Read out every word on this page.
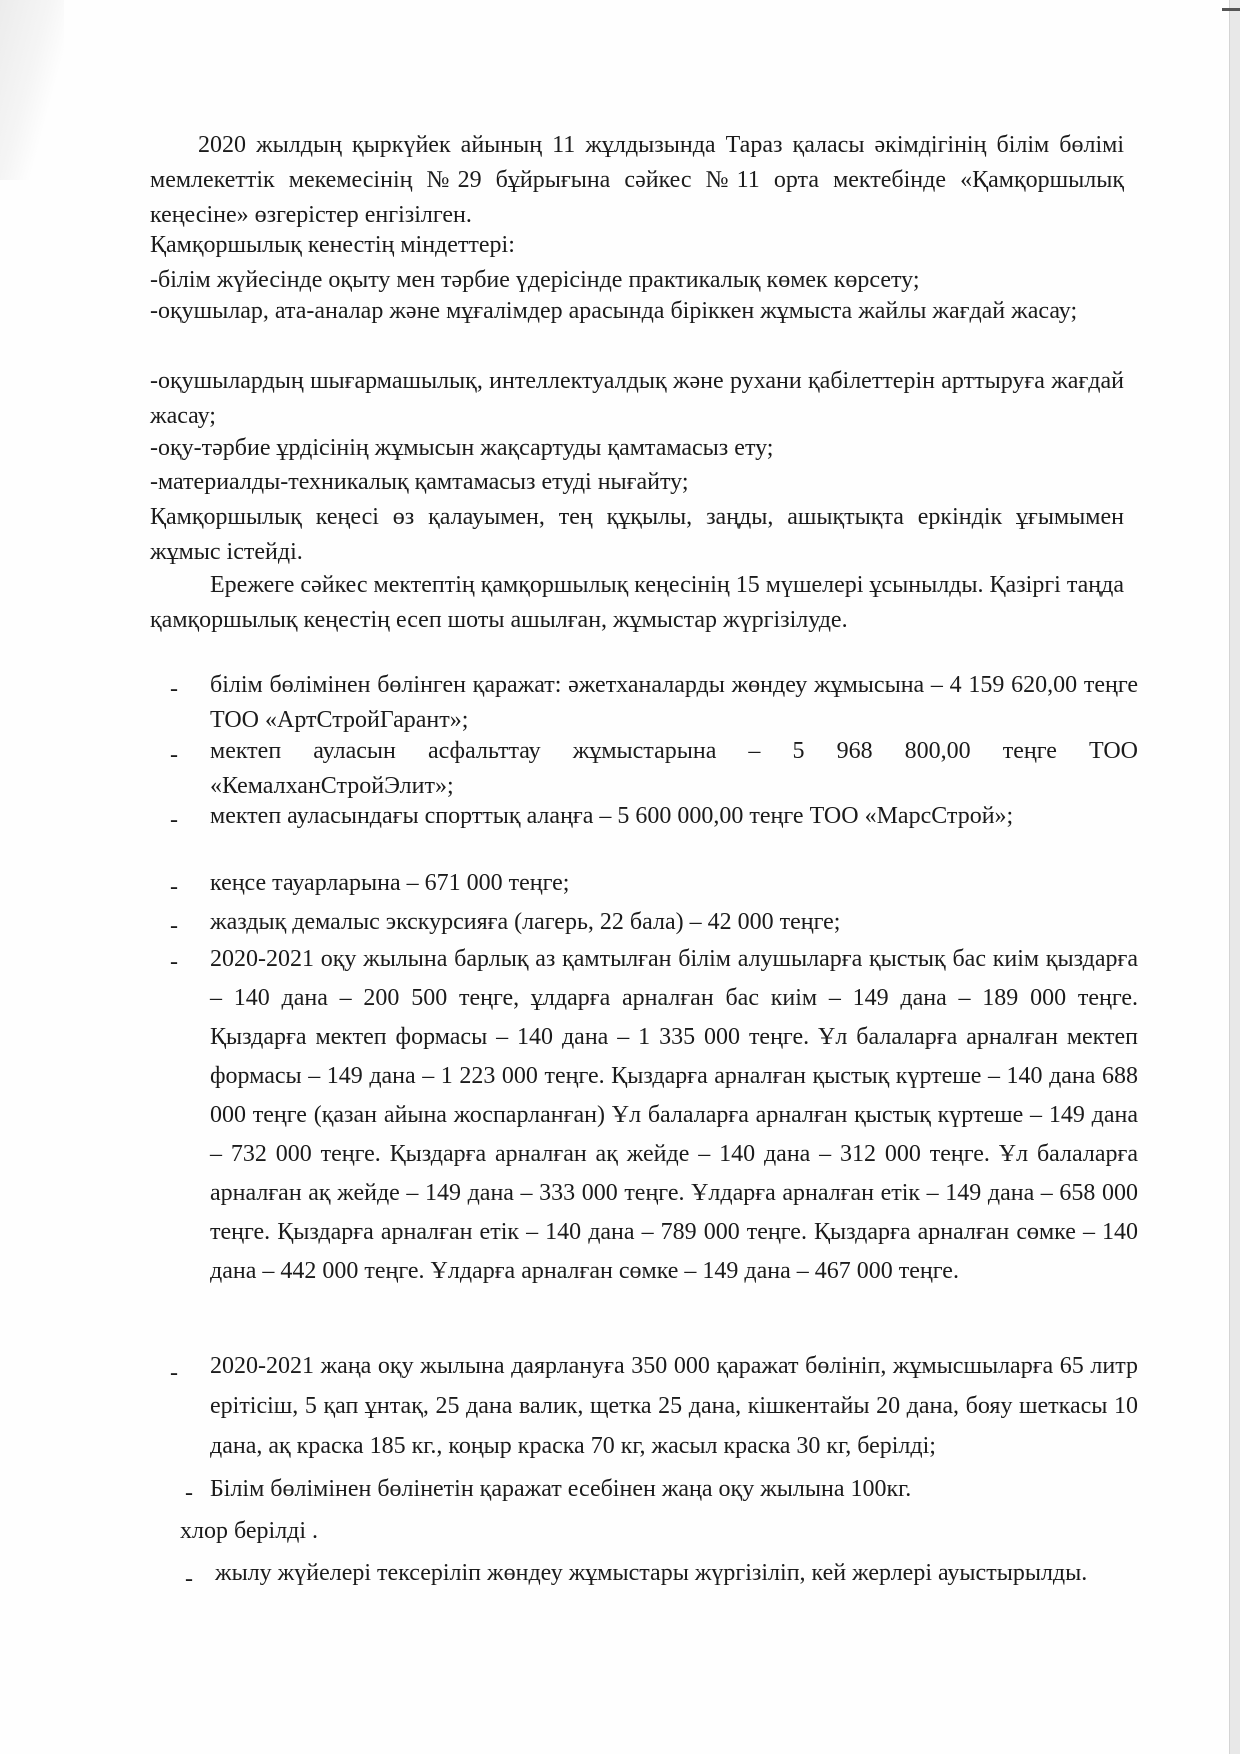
2020 жылдың қыркүйек айының 11 жұлдызында Тараз қаласы әкімдігінің білім бөлімі мемлекеттік мекемесінің №29 бұйрығына сәйкес №11 орта мектебінде «Қамқоршылық кеңесіне» өзгерістер енгізілген.

Қамқоршылық кенестің міндеттері:

-білім жүйесінде оқыту мен тәрбие үдерісінде практикалық көмек көрсету;

-оқушылар, ата-аналар және мұғалімдер арасында біріккен жұмыста жайлы жағдай жасау;

-оқушылардың шығармашылық, интеллектуалдық және рухани қабілеттерін арттыруға жағдай жасау;

-оқу-тәрбие ұрдісінің жұмысын жақсартуды қамтамасыз ету;

-материалды-техникалық қамтамасыз етуді нығайту;

Қамқоршылық кеңесі өз қалауымен, тең құқылы, заңды, ашықтықта еркіндік ұғымымен жұмыс істейді.

Ережеге сәйкес мектептің қамқоршылық кеңесінің 15 мүшелері ұсынылды. Қазіргі таңда қамқоршылық кеңестің есеп шоты ашылған, жұмыстар жүргізілуде.

- білім бөлімінен бөлінген қаражат: әжетханаларды жөндеу жұмысына – 4 159 620,00 теңге ТОО «АртСтройГарант»;

- мектеп ауласын асфальттау жұмыстарына – 5 968 800,00 теңге ТОО «КемалханСтройЭлит»;

- мектеп ауласындағы спорттық алаңға – 5 600 000,00 теңге ТОО «МарсСтрой»;

- кеңсе тауарларына – 671 000 теңге;

- жаздық демалыс экскурсияға (лагерь, 22 бала) – 42 000 теңге;

- 2020-2021 оқу жылына барлық аз қамтылған білім алушыларға қыстық бас киім қыздарға – 140 дана – 200 500 теңге, ұлдарға арналған бас киім – 149 дана – 189 000 теңге. Қыздарға мектеп формасы – 140 дана – 1 335 000 теңге. Ұл балаларға арналған мектеп формасы – 149 дана – 1 223 000 теңге. Қыздарға арналған қыстық күртеше – 140 дана 688 000 теңге (қазан айына жоспарланған) Ұл балаларға арналған қыстық күртеше – 149 дана – 732 000 теңге. Қыздарға арналған ақ жейде – 140 дана – 312 000 теңге. Ұл балаларға арналған ақ жейде – 149 дана – 333 000 теңге. Ұлдарға арналған етік – 149 дана – 658 000 теңге. Қыздарға арналған етік – 140 дана – 789 000 теңге. Қыздарға арналған сөмке – 140 дана – 442 000 теңге. Ұлдарға арналған сөмке – 149 дана – 467 000 теңге.

- 2020-2021 жаңа оқу жылына даярлануға 350 000 қаражат бөлініп, жұмысшыларға 65 литр ерітісіш, 5 қап ұнтақ, 25 дана валик, щетка 25 дана, кішкентайы 20 дана, бояу шеткасы 10 дана, ақ краска 185 кг., коңыр краска 70 кг, жасыл краска 30 кг, берілді;

- Білім бөлімінен бөлінетін қаражат есебінен жаңа оқу жылына 100кг.

хлор берілді .

- жылу жүйелері тексеріліп жөндеу жұмыстары жүргізіліп, кей жерлері ауыстырылды.
